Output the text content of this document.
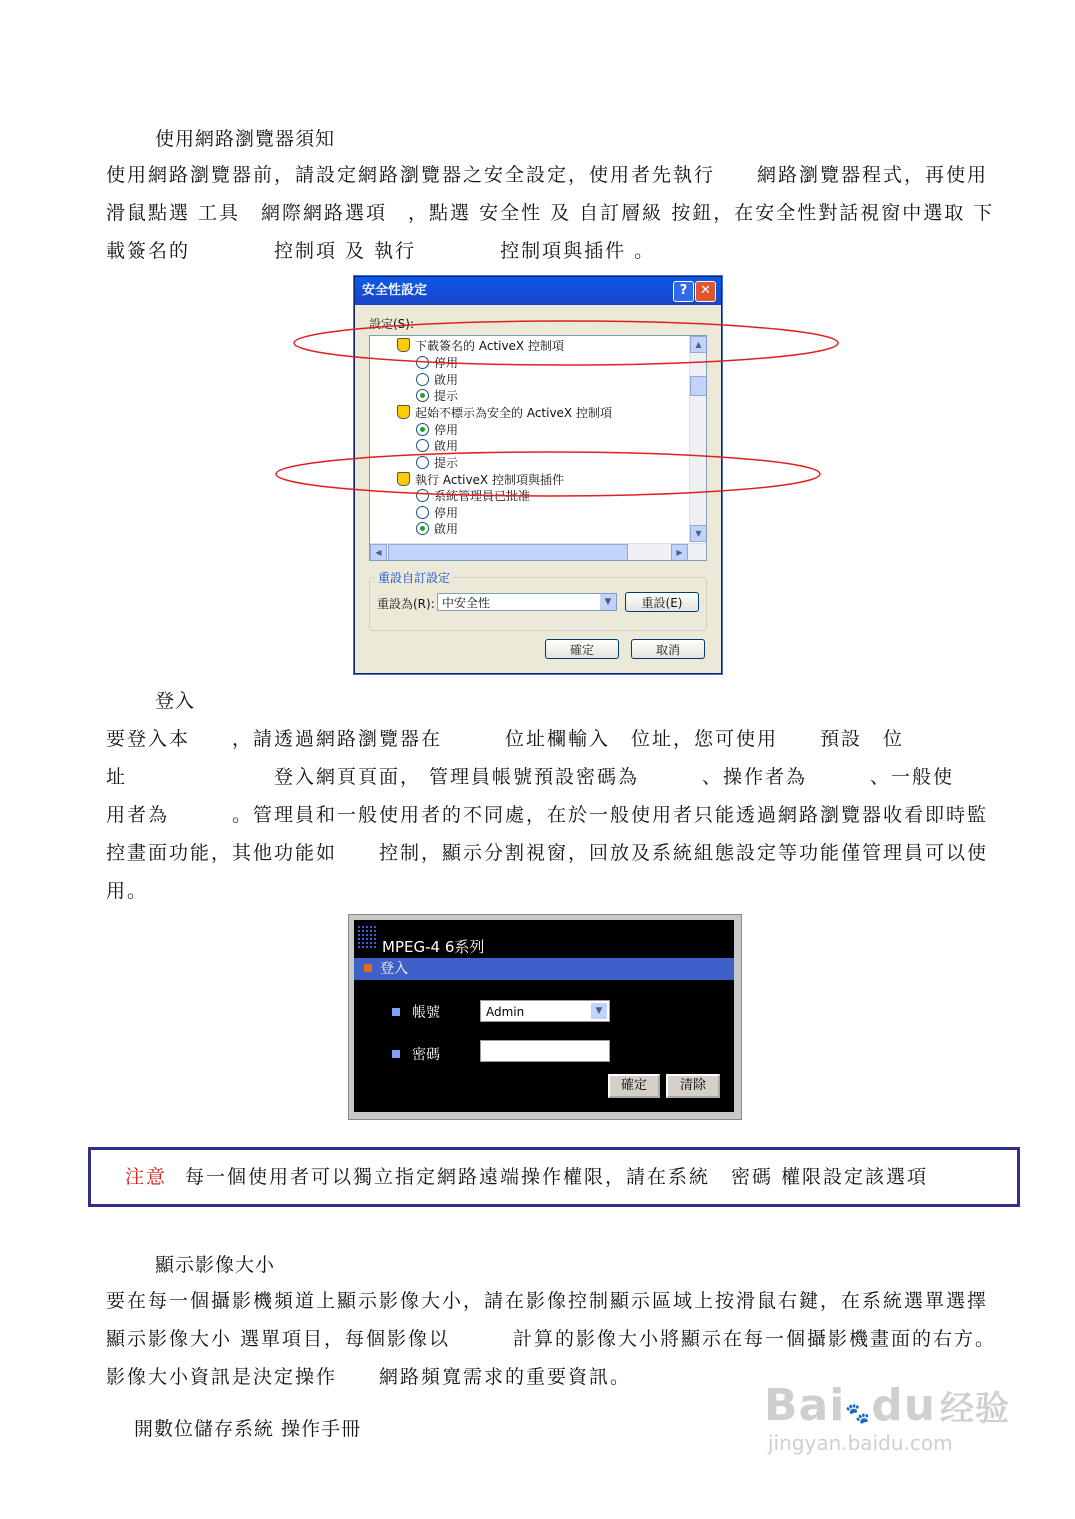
使用網路瀏覽器須知
使用網路瀏覽器前，請設定網路瀏覽器之安全設定，使用者先執行　　網路瀏覽器程式，再使用
滑鼠點選 工具　網際網路選項　，點選 安全性 及 自訂層級 按鈕，在安全性對話視窗中選取 下
載簽名的　　　　控制項 及 執行　　　　控制項與插件 。
安全性設定	? ✕
設定(S):
下載簽名的 ActiveX 控制項
停用
啟用
提示
起始不標示為安全的 ActiveX 控制項
停用
啟用
提示
執行 ActiveX 控制項與插件
系統管理員已批准
停用
啟用
▲
▼
◀	▶
重設自訂設定
重設為(R): 中安全性	▼	重設(E)
確定	取消
登入
要登入本　　，請透過網路瀏覽器在　　　位址欄輸入　位址，您可使用　　預設　位
址　　　　　　　登入網頁頁面， 管理員帳號預設密碼為　　　、操作者為　　　、一般使
用者為　　　。管理員和一般使用者的不同處，在於一般使用者只能透過網路瀏覽器收看即時監
控畫面功能，其他功能如　　控制，顯示分割視窗，回放及系統組態設定等功能僅管理員可以使
用。
MPEG-4 6系列
登入
帳號	Admin	▼
密碼
確定	清除
注意 每一個使用者可以獨立指定網路遠端操作權限，請在系統　密碼 權限設定該選項
顯示影像大小
要在每一個攝影機頻道上顯示影像大小，請在影像控制顯示區域上按滑鼠右鍵，在系統選單選擇
顯示影像大小 選單項目，每個影像以　　　計算的影像大小將顯示在每一個攝影機畫面的右方。
影像大小資訊是決定操作　　網路頻寬需求的重要資訊。
開數位儲存系統 操作手冊	Bai🐾du 经验
jingyan.baidu.com
